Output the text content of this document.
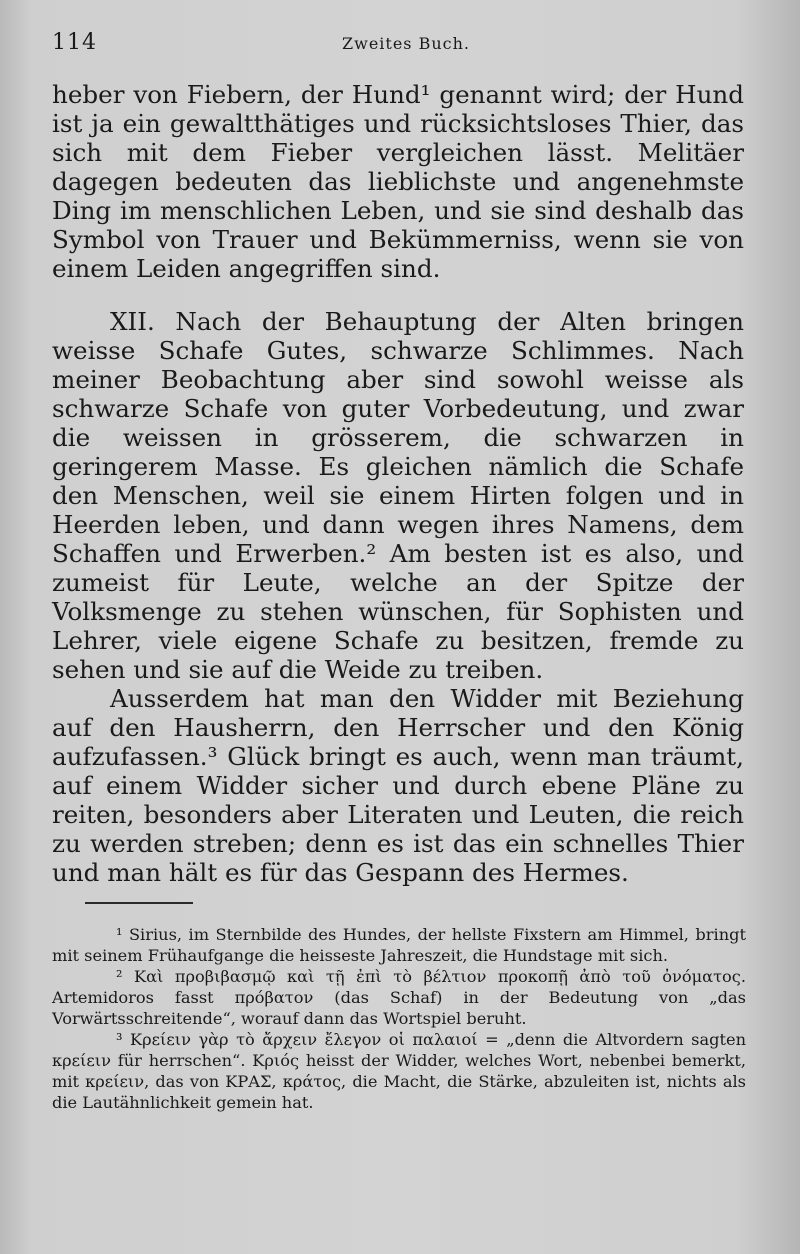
114	Zweites Buch.

heber von Fiebern, der Hund¹ genannt wird; der Hund ist ja ein gewaltthätiges und rücksichtsloses Thier, das sich mit dem Fieber vergleichen lässt. Melitäer dagegen bedeuten das lieblichste und angenehmste Ding im menschlichen Leben, und sie sind deshalb das Symbol von Trauer und Bekümmerniss, wenn sie von einem Leiden angegriffen sind.

XII. Nach der Behauptung der Alten bringen weisse Schafe Gutes, schwarze Schlimmes. Nach meiner Beobachtung aber sind sowohl weisse als schwarze Schafe von guter Vorbedeutung, und zwar die weissen in grösserem, die schwarzen in geringerem Masse. Es gleichen nämlich die Schafe den Menschen, weil sie einem Hirten folgen und in Heerden leben, und dann wegen ihres Namens, dem Schaffen und Erwerben.² Am besten ist es also, und zumeist für Leute, welche an der Spitze der Volksmenge zu stehen wünschen, für Sophisten und Lehrer, viele eigene Schafe zu besitzen, fremde zu sehen und sie auf die Weide zu treiben.

Ausserdem hat man den Widder mit Beziehung auf den Hausherrn, den Herrscher und den König aufzufassen.³ Glück bringt es auch, wenn man träumt, auf einem Widder sicher und durch ebene Pläne zu reiten, besonders aber Literaten und Leuten, die reich zu werden streben; denn es ist das ein schnelles Thier und man hält es für das Gespann des Hermes.

¹ Sirius, im Sternbilde des Hundes, der hellste Fixstern am Himmel, bringt mit seinem Frühaufgange die heisseste Jahreszeit, die Hundstage mit sich.

² Καὶ προβιβασμῷ καὶ τῇ ἐπὶ τὸ βέλτιον προκοπῇ ἀπὸ τοῦ ὀνόματος. Artemidoros fasst πρόβατον (das Schaf) in der Bedeutung von „das Vorwärtsschreitende“, worauf dann das Wortspiel beruht.

³ Κρείειν γὰρ τὸ ἄρχειν ἔλεγον οἱ παλαιοί = „denn die Altvordern sagten κρείειν für herrschen“. Κριός heisst der Widder, welches Wort, nebenbei bemerkt, mit κρείειν, das von ΚΡΑΣ, κράτος, die Macht, die Stärke, abzuleiten ist, nichts als die Lautähnlichkeit gemein hat.
